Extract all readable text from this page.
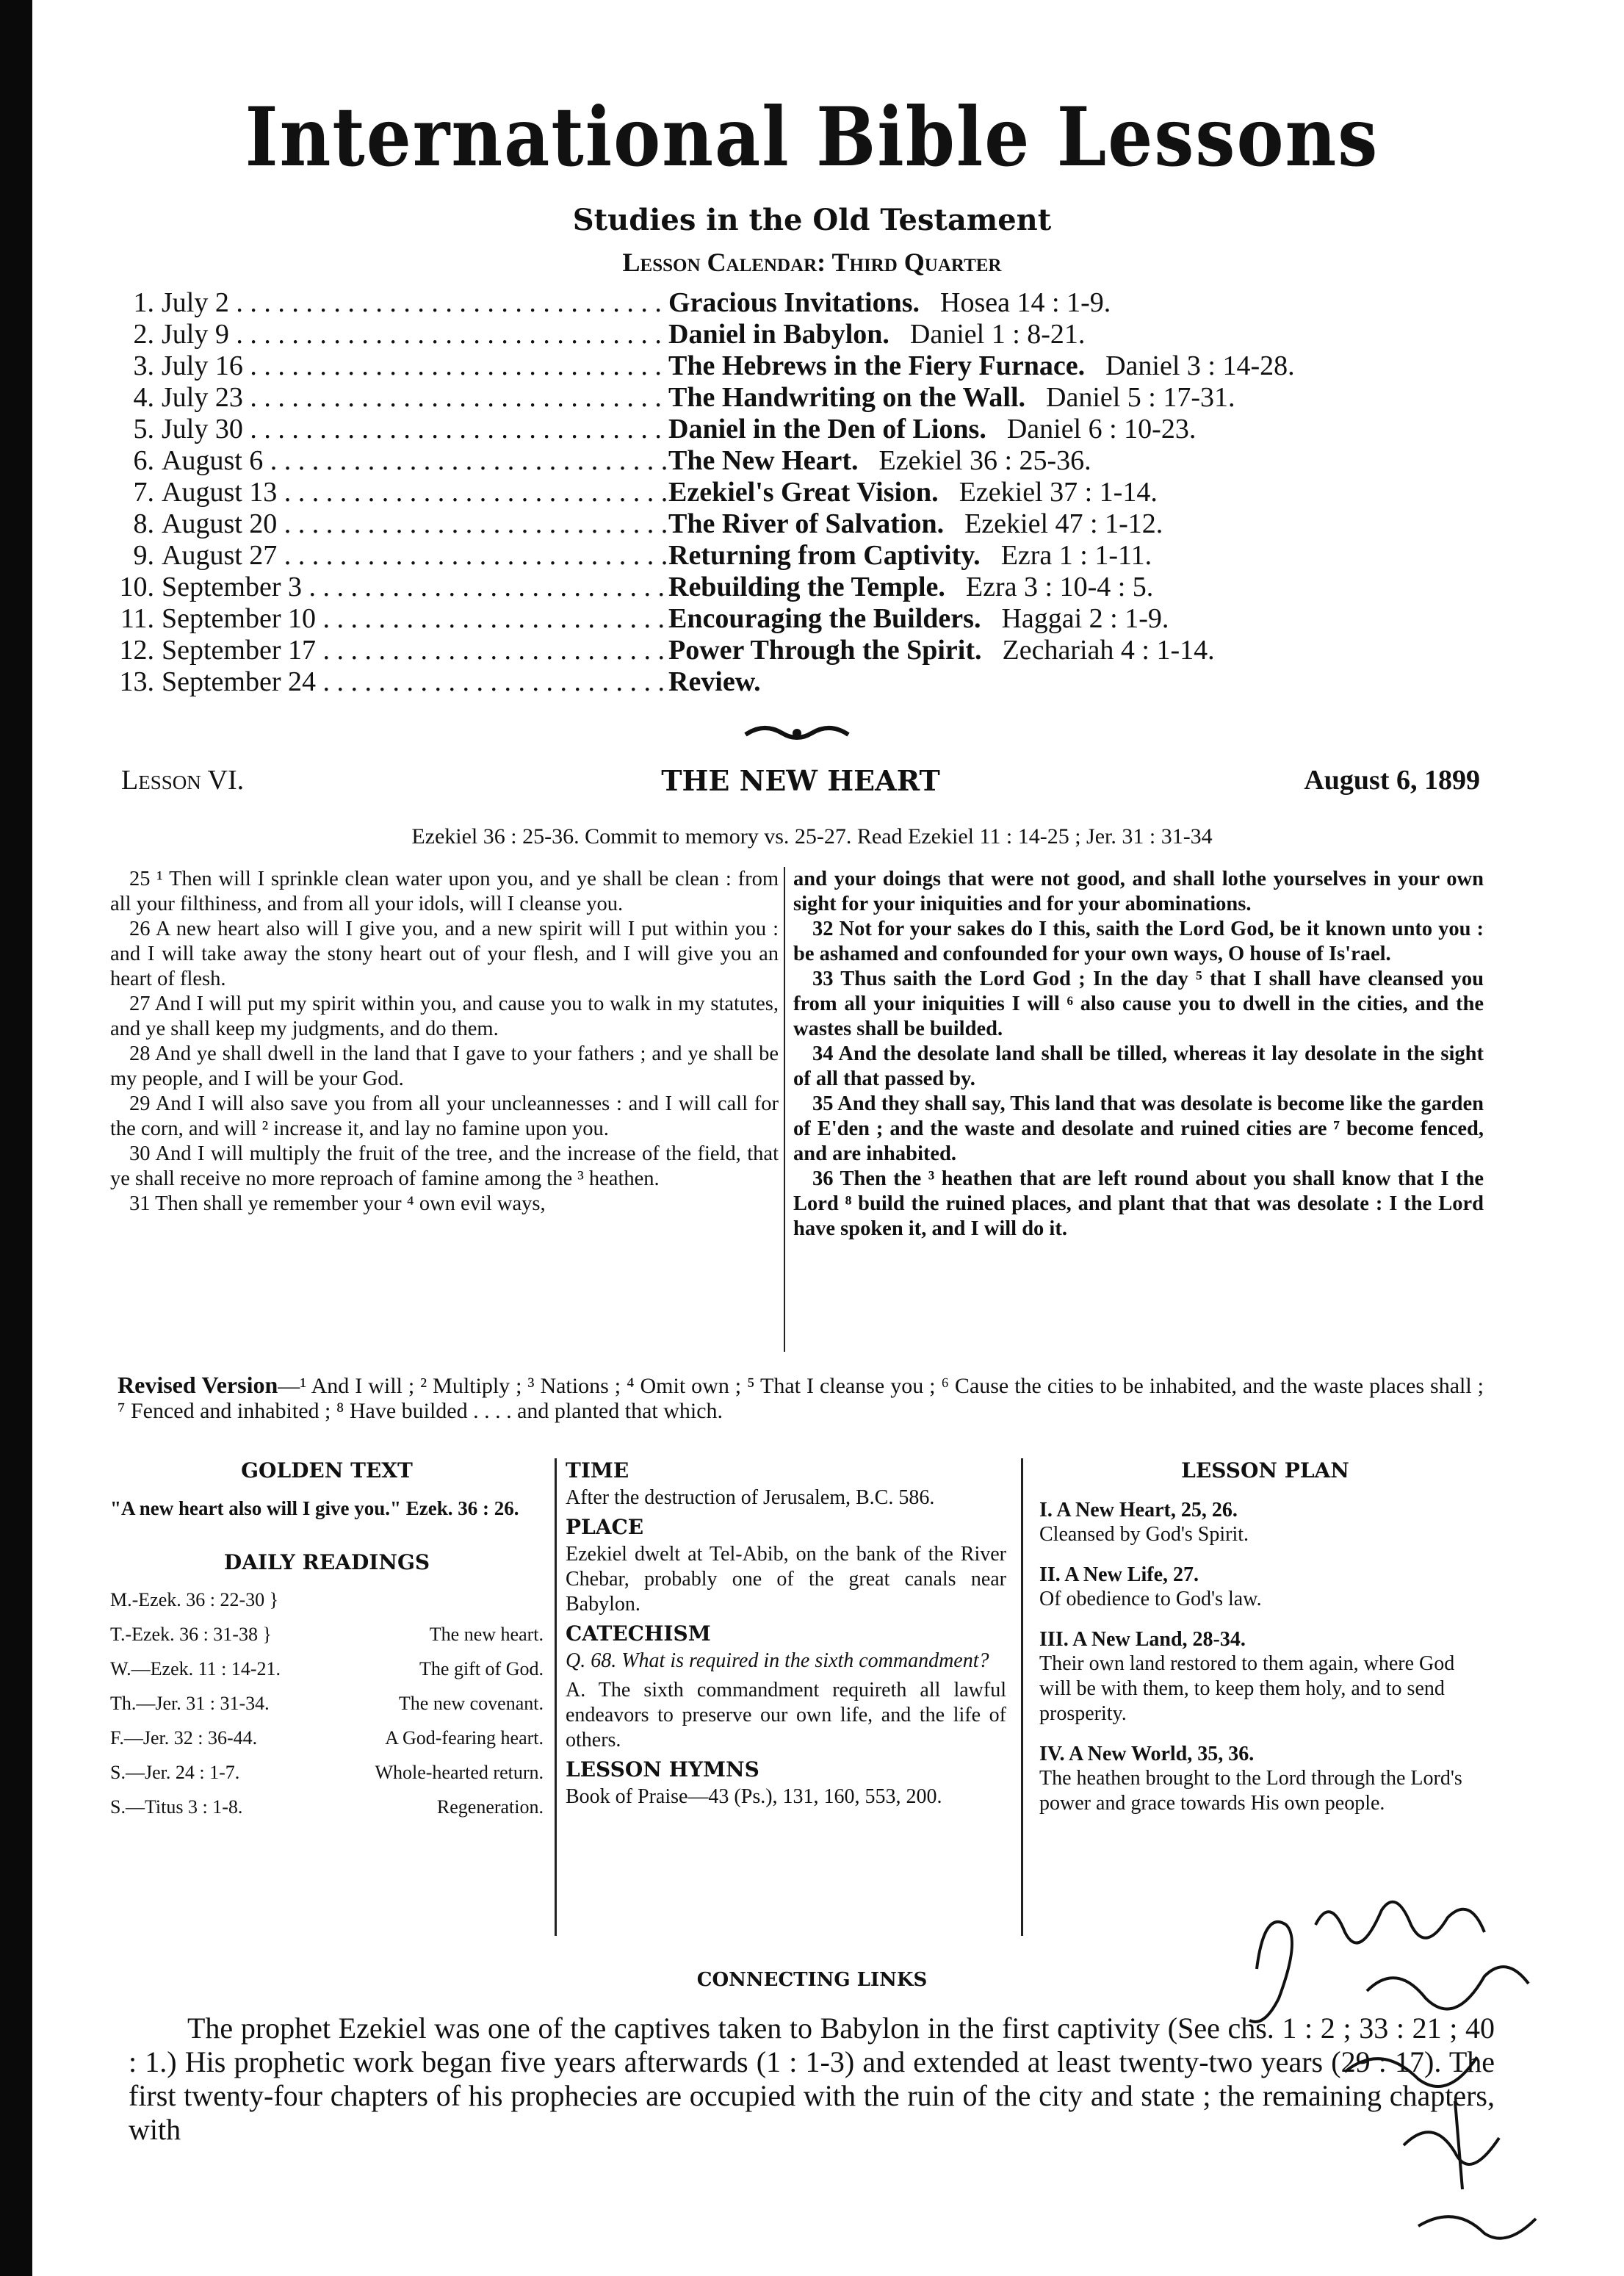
International Bible Lessons
Studies in the Old Testament
Lesson Calendar: Third Quarter
1. July 2 . . .	Gracious Invitations. Hosea 14 : 1-9.
2. July 9 . . .	Daniel in Babylon. Daniel 1 : 8-21.
3. July 16 . . .	The Hebrews in the Fiery Furnace. Daniel 3 : 14-28.
4. July 23 . . .	The Handwriting on the Wall. Daniel 5 : 17-31.
5. July 30 . . .	Daniel in the Den of Lions. Daniel 6 : 10-23.
6. August 6 . . .	The New Heart. Ezekiel 36 : 25-36.
7. August 13 . . .	Ezekiel's Great Vision. Ezekiel 37 : 1-14.
8. August 20 . . .	The River of Salvation. Ezekiel 47 : 1-12.
9. August 27 . . .	Returning from Captivity. Ezra 1 : 1-11.
10. September 3 . . .	Rebuilding the Temple. Ezra 3 : 10-4 : 5.
11. September 10 . . .	Encouraging the Builders. Haggai 2 : 1-9.
12. September 17 . . .	Power Through the Spirit. Zechariah 4 : 1-14.
13. September 24 . . .	Review.
THE NEW HEART
Lesson VI.	August 6, 1899
Ezekiel 36 : 25-36. Commit to memory vs. 25-27. Read Ezekiel 11 : 14-25 ; Jer. 31 : 31-34

25 ¹ Then will I sprinkle clean water upon you, and ye shall be clean : from all your filthiness, and from all your idols, will I cleanse you.

26 A new heart also will I give you, and a new spirit will I put within you : and I will take away the stony heart out of your flesh, and I will give you an heart of flesh.

27 And I will put my spirit within you, and cause you to walk in my statutes, and ye shall keep my judgments, and do them.

28 And ye shall dwell in the land that I gave to your fathers ; and ye shall be my people, and I will be your God.

29 And I will also save you from all your uncleannesses : and I will call for the corn, and will ² increase it, and lay no famine upon you.

30 And I will multiply the fruit of the tree, and the increase of the field, that ye shall receive no more reproach of famine among the ³ heathen.

31 Then shall ye remember your ⁴ own evil ways,

and your doings that were not good, and shall lothe yourselves in your own sight for your iniquities and for your abominations.

32 Not for your sakes do I this, saith the Lord God, be it known unto you : be ashamed and confounded for your own ways, O house of Is'rael.

33 Thus saith the Lord God ; In the day ⁵ that I shall have cleansed you from all your iniquities I will ⁶ also cause you to dwell in the cities, and the wastes shall be builded.

34 And the desolate land shall be tilled, whereas it lay desolate in the sight of all that passed by.

35 And they shall say, This land that was desolate is become like the garden of E'den ; and the waste and desolate and ruined cities are ⁷ become fenced, and are inhabited.

36 Then the ³ heathen that are left round about you shall know that I the Lord ⁸ build the ruined places, and plant that that was desolate : I the Lord have spoken it, and I will do it.

Revised Version—¹ And I will ; ² Multiply ; ³ Nations ; ⁴ Omit own ; ⁵ That I cleanse you ; ⁶ Cause the cities to be inhabited, and the waste places shall ; ⁷ Fenced and inhabited ; ⁸ Have builded . . . . and planted that which.
GOLDEN TEXT
"A new heart also will I give you." Ezek. 36 : 26.
DAILY READINGS
M.-Ezek. 36 : 22-30 }
T.-Ezek. 36 : 31-38 }	The new heart.
W.—Ezek. 11 : 14-21.	The gift of God.
Th.—Jer. 31 : 31-34.	The new covenant.
F.—Jer. 32 : 36-44.	A God-fearing heart.
S.—Jer. 24 : 1-7.	Whole-hearted return.
S.—Titus 3 : 1-8.	Regeneration.
TIME
After the destruction of Jerusalem, B.C. 586.
PLACE
Ezekiel dwelt at Tel-Abib, on the bank of the River Chebar, probably one of the great canals near Babylon.
CATECHISM
Q. 68. What is required in the sixth commandment?
A. The sixth commandment requireth all lawful endeavors to preserve our own life, and the life of others.
LESSON HYMNS
Book of Praise—43 (Ps.), 131, 160, 553, 200.
LESSON PLAN
I. A New Heart, 25, 26.
Cleansed by God's Spirit.
II. A New Life, 27.
Of obedience to God's law.
III. A New Land, 28-34.
Their own land restored to them again, where God will be with them, to keep them holy, and to send prosperity.
IV. A New World, 35, 36.
The heathen brought to the Lord through the Lord's power and grace towards His own people.
CONNECTING LINKS
The prophet Ezekiel was one of the captives taken to Babylon in the first captivity (See chs. 1 : 2 ; 33 : 21 ; 40 : 1.) His prophetic work began five years afterwards (1 : 1-3) and extended at least twenty-two years (29 : 17). The first twenty-four chapters of his prophecies are occupied with the ruin of the city and state ; the remaining chapters, with
